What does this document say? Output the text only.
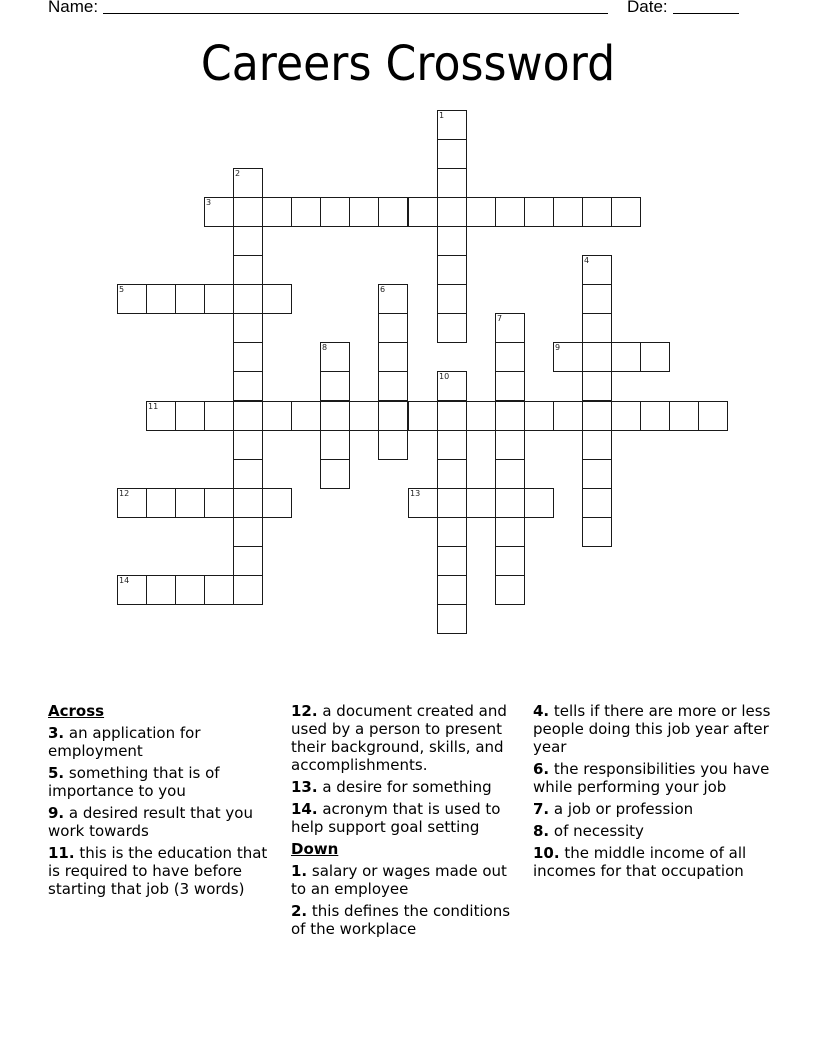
Name:	Date:
Careers Crossword
1
2
3
4
5	6
7
8	9
10
11
12	13
14
Across
3. an application for employment
5. something that is of importance to you
9. a desired result that you work towards
11. this is the education that is required to have before starting that job (3 words)
12. a document created and used by a person to present their background, skills, and accomplishments.
13. a desire for something
14. acronym that is used to help support goal setting
Down
1. salary or wages made out to an employee
2. this defines the conditions of the workplace
4. tells if there are more or less people doing this job year after year
6. the responsibilities you have while performing your job
7. a job or profession
8. of necessity
10. the middle income of all incomes for that occupation
